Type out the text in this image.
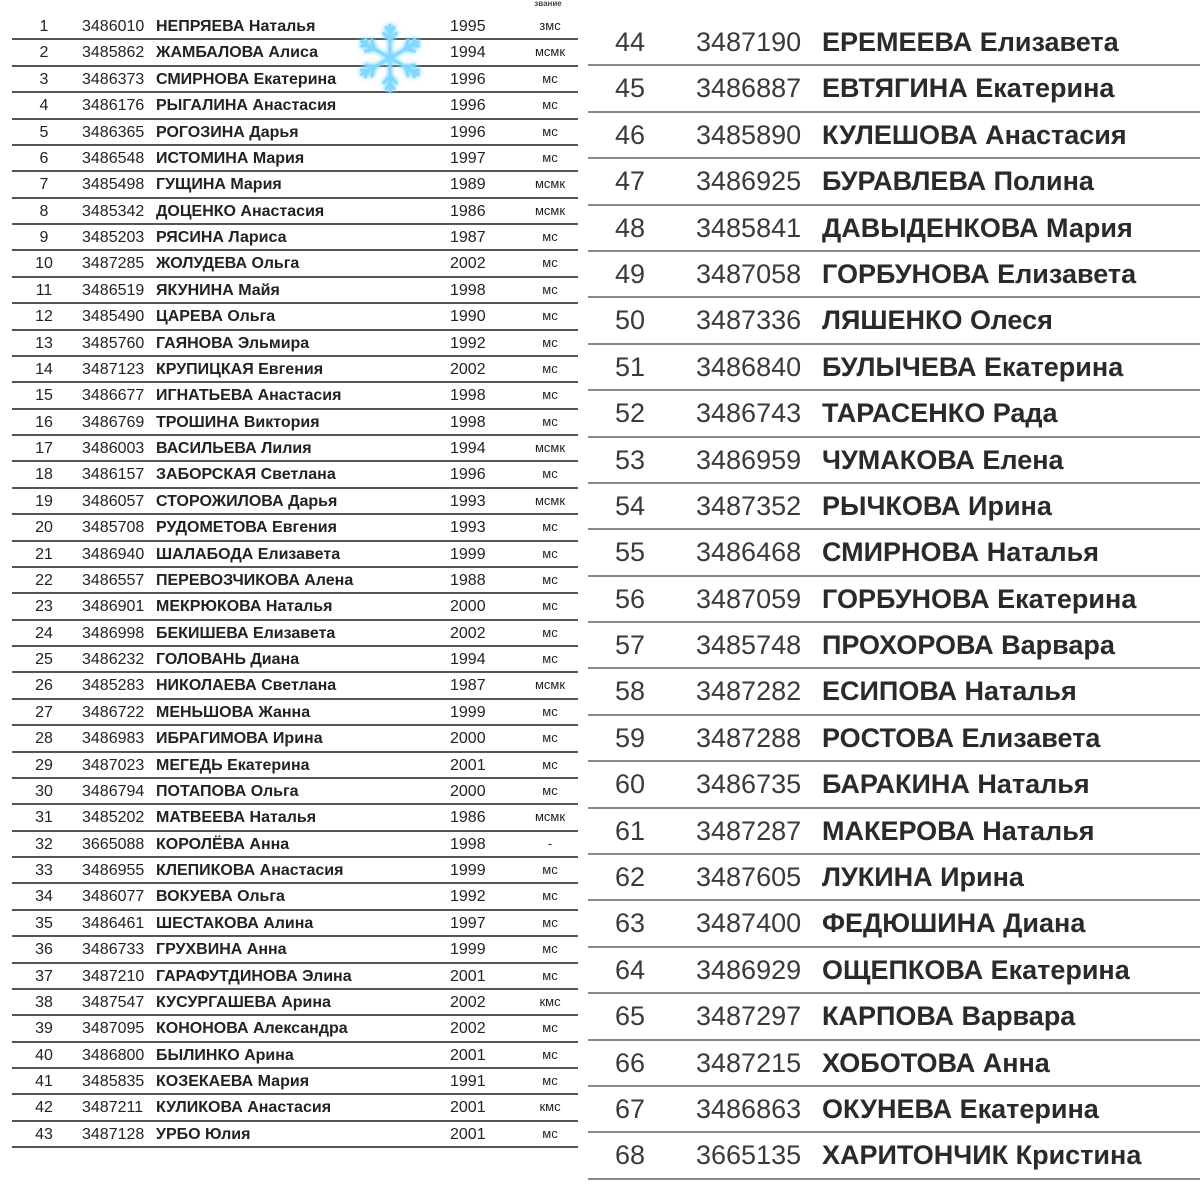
звание
1	3486010 НЕПРЯЕВА Наталья	1995	змс
2	3485862 ЖАМБАЛОВА Алиса	1994	мсмк
3	3486373 СМИРНОВА Екатерина	1996	мс
4	3486176 РЫГАЛИНА Анастасия	1996	мс
5	3486365 РОГОЗИНА Дарья	1996	мс
6	3486548 ИСТОМИНА Мария	1997	мс
7	3485498 ГУЩИНА Мария	1989	мсмк
8	3485342 ДОЦЕНКО Анастасия	1986	мсмк
9	3485203 РЯСИНА Лариса	1987	мс
10	3487285 ЖОЛУДЕВА Ольга	2002	мс
11	3486519 ЯКУНИНА Майя	1998	мс
12	3485490 ЦАРЕВА Ольга	1990	мс
13	3485760 ГАЯНОВА Эльмира	1992	мс
14	3487123 КРУПИЦКАЯ Евгения	2002	мс
15	3486677 ИГНАТЬЕВА Анастасия	1998	мс
16	3486769 ТРОШИНА Виктория	1998	мс
17	3486003 ВАСИЛЬЕВА Лилия	1994	мсмк
18	3486157 ЗАБОРСКАЯ Светлана	1996	мс
19	3486057 СТОРОЖИЛОВА Дарья	1993	мсмк
20	3485708 РУДОМЕТОВА Евгения	1993	мс
21	3486940 ШАЛАБОДА Елизавета	1999	мс
22	3486557 ПЕРЕВОЗЧИКОВА Алена	1988	мс
23	3486901 МЕКРЮКОВА Наталья	2000	мс
24	3486998 БЕКИШЕВА Елизавета	2002	мс
25	3486232 ГОЛОВАНЬ Диана	1994	мс
26	3485283 НИКОЛАЕВА Светлана	1987	мсмк
27	3486722 МЕНЬШОВА Жанна	1999	мс
28	3486983 ИБРАГИМОВА Ирина	2000	мс
29	3487023 МЕГЕДЬ Екатерина	2001	мс
30	3486794 ПОТАПОВА Ольга	2000	мс
31	3485202 МАТВЕЕВА Наталья	1986	мсмк
32	3665088 КОРОЛЁВА Анна	1998	-
33	3486955 КЛЕПИКОВА Анастасия	1999	мс
34	3486077 ВОКУЕВА Ольга	1992	мс
35	3486461 ШЕСТАКОВА Алина	1997	мс
36	3486733 ГРУХВИНА Анна	1999	мс
37	3487210 ГАРАФУТДИНОВА Элина	2001	мс
38	3487547 КУСУРГАШЕВА Арина	2002	кмс
39	3487095 КОНОНОВА Александра	2002	мс
40	3486800 БЫЛИНКО Арина	2001	мс
41	3485835 КОЗЕКАЕВА Мария	1991	мс
42	3487211 КУЛИКОВА Анастасия	2001	кмс
43	3487128 УРБО Юлия	2001	мс
44	3487190 ЕРЕМЕЕВА Елизавета
45	3486887 ЕВТЯГИНА Екатерина
46	3485890 КУЛЕШОВА Анастасия
47	3486925 БУРАВЛЕВА Полина
48	3485841 ДАВЫДЕНКОВА Мария
49	3487058 ГОРБУНОВА Елизавета
50	3487336 ЛЯШЕНКО Олеся
51	3486840 БУЛЫЧЕВА Екатерина
52	3486743 ТАРАСЕНКО Рада
53	3486959 ЧУМАКОВА Елена
54	3487352 РЫЧКОВА Ирина
55	3486468 СМИРНОВА Наталья
56	3487059 ГОРБУНОВА Екатерина
57	3485748 ПРОХОРОВА Варвара
58	3487282 ЕСИПОВА Наталья
59	3487288 РОСТОВА Елизавета
60	3486735 БАРАКИНА Наталья
61	3487287 МАКЕРОВА Наталья
62	3487605 ЛУКИНА Ирина
63	3487400 ФЕДЮШИНА Диана
64	3486929 ОЩЕПКОВА Екатерина
65	3487297 КАРПОВА Варвара
66	3487215 ХОБОТОВА Анна
67	3486863 ОКУНЕВА Екатерина
68	3665135 ХАРИТОНЧИК Кристина
